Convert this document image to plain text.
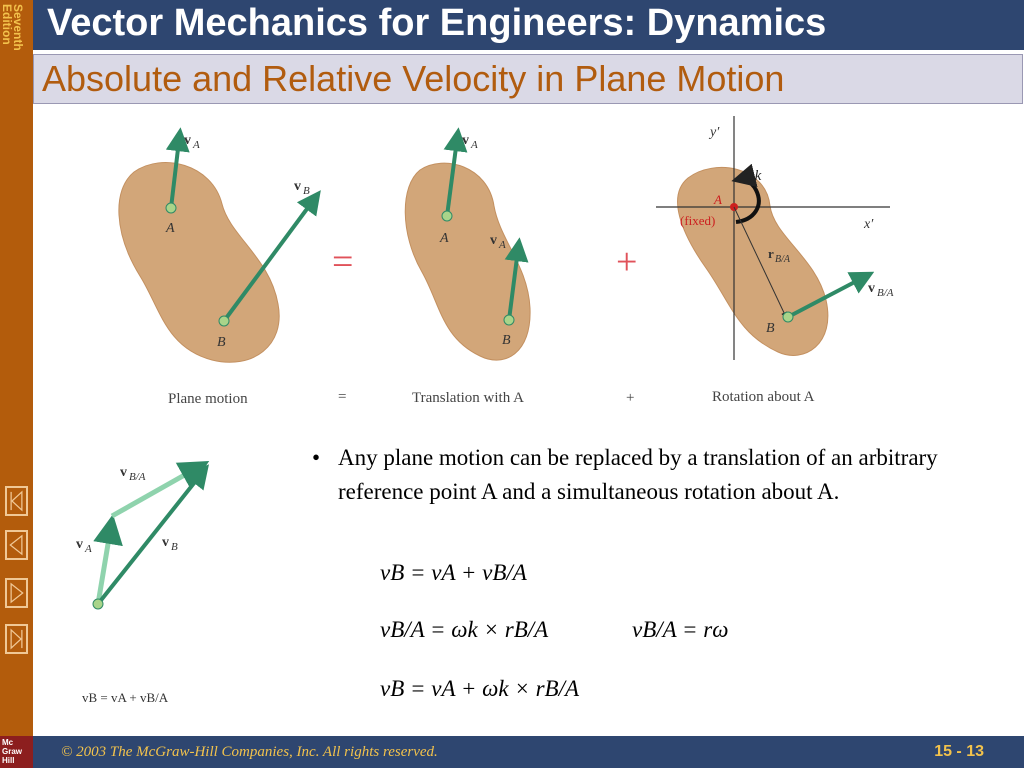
Seventh
Edition
Mc
Graw
Hill
Vector Mechanics for Engineers: Dynamics
Absolute and Relative Velocity in Plane Motion
v A
v B
A
B
=
v A
v A
A
B
+
y′
x′
ωk
A
(fixed)
r B/A
v B/A
B
Plane motion	=	Translation with A	+	Rotation about A
v B/A
v A	v B
vB = vA + vB/A
• Any plane motion can be replaced by a translation of an arbitrary reference point A and a simultaneous rotation about A.
vB = vA + vB/A
vB/A = ωk × rB/A	vB/A = rω
vB = vA + ωk × rB/A
© 2003 The McGraw-Hill Companies, Inc. All rights reserved.	15 - 13
